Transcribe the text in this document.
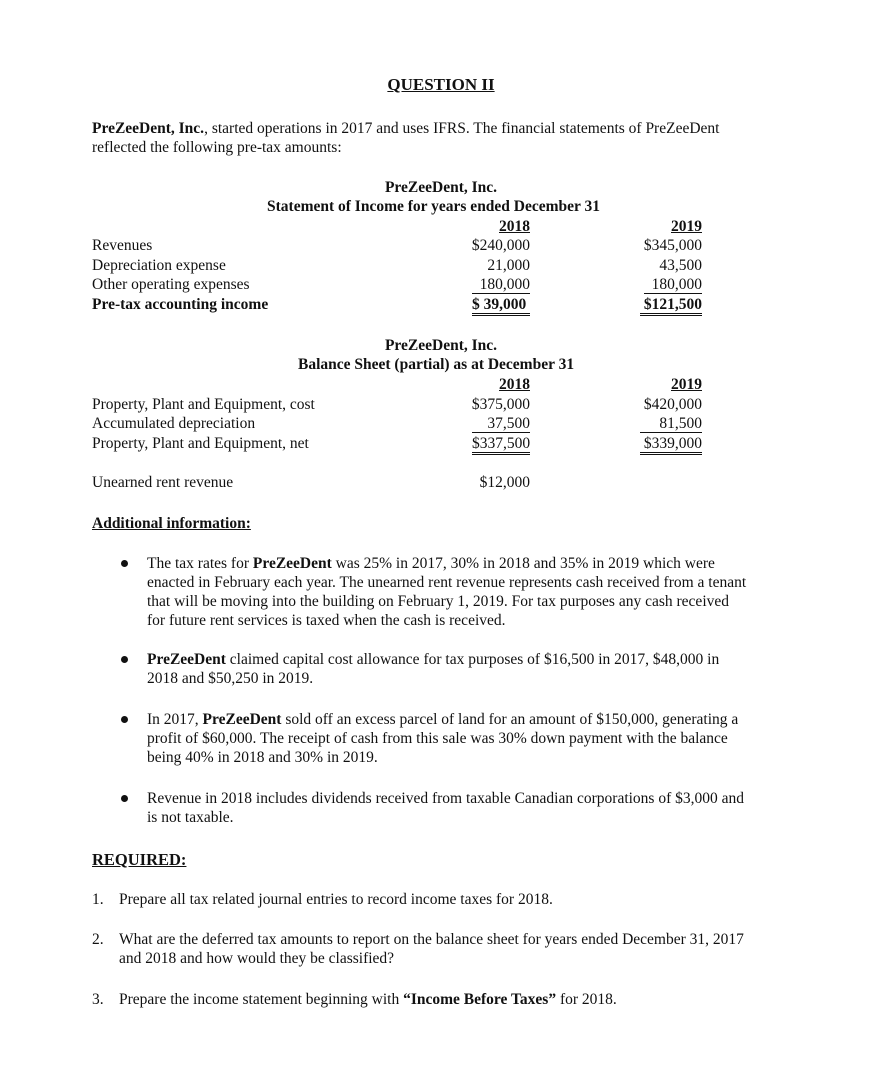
QUESTION II
PreZeeDent, Inc., started operations in 2017 and uses IFRS. The financial statements of PreZeeDent
reflected the following pre-tax amounts:
PreZeeDent, Inc.
Statement of Income for years ended December 31
2018	2019
Revenues	$240,000	$345,000
Depreciation expense	21,000	43,500
Other operating expenses	180,000	180,000
Pre-tax accounting income	$ 39,000	$121,500
PreZeeDent, Inc.
Balance Sheet (partial) as at December 31
2018	2019
Property, Plant and Equipment, cost	$375,000	$420,000
Accumulated depreciation	37,500	81,500
Property, Plant and Equipment, net	$337,500	$339,000
Unearned rent revenue	$12,000
Additional information:
The tax rates for PreZeeDent was 25% in 2017, 30% in 2018 and 35% in 2019 which were
enacted in February each year. The unearned rent revenue represents cash received from a tenant
that will be moving into the building on February 1, 2019. For tax purposes any cash received
for future rent services is taxed when the cash is received.
PreZeeDent claimed capital cost allowance for tax purposes of $16,500 in 2017, $48,000 in
2018 and $50,250 in 2019.
In 2017, PreZeeDent sold off an excess parcel of land for an amount of $150,000, generating a
profit of $60,000. The receipt of cash from this sale was 30% down payment with the balance
being 40% in 2018 and 30% in 2019.
Revenue in 2018 includes dividends received from taxable Canadian corporations of $3,000 and
is not taxable.
REQUIRED:
1. Prepare all tax related journal entries to record income taxes for 2018.
2. What are the deferred tax amounts to report on the balance sheet for years ended December 31, 2017
and 2018 and how would they be classified?
3. Prepare the income statement beginning with “Income Before Taxes” for 2018.
